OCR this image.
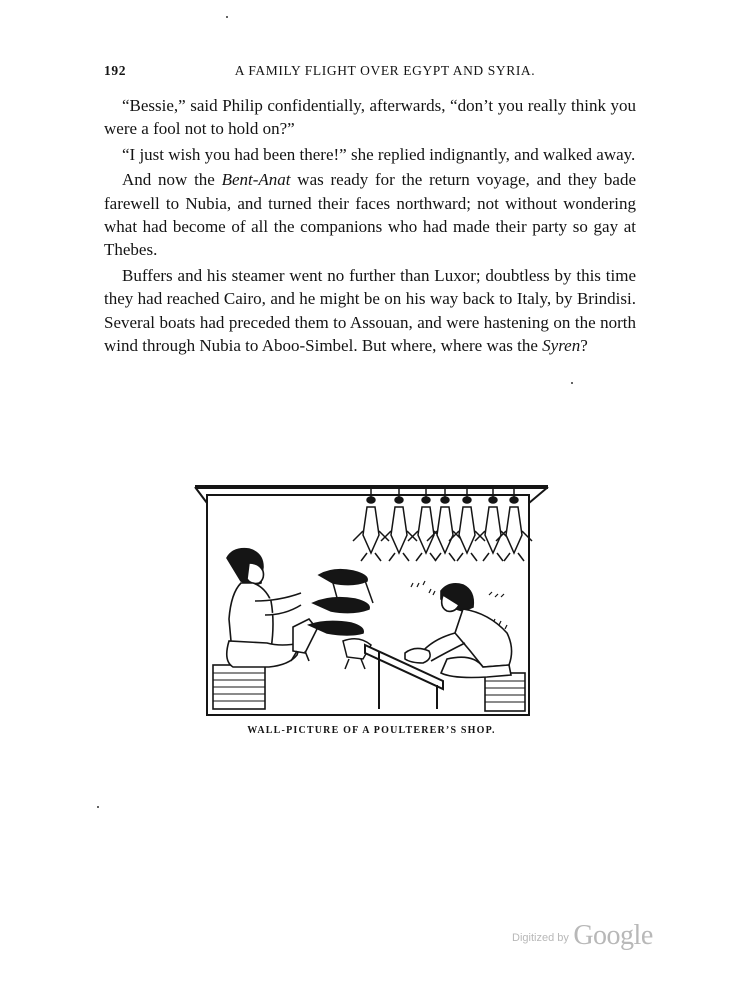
192	A FAMILY FLIGHT OVER EGYPT AND SYRIA.

“Bessie,” said Philip confidentially, afterwards, “don’t you really think you were a fool not to hold on?”

“I just wish you had been there!” she replied indignantly, and walked away.

And now the Bent-Anat was ready for the return voyage, and they bade farewell to Nubia, and turned their faces northward; not without wondering what had become of all the companions who had made their party so gay at Thebes.

Buffers and his steamer went no further than Luxor; doubtless by this time they had reached Cairo, and he might be on his way back to Italy, by Brindisi. Several boats had preceded them to Assouan, and were hastening on the north wind through Nubia to Aboo-Simbel. But where, where was the Syren?

WALL-PICTURE OF A POULTERER’S SHOP.
Digitized by Google
